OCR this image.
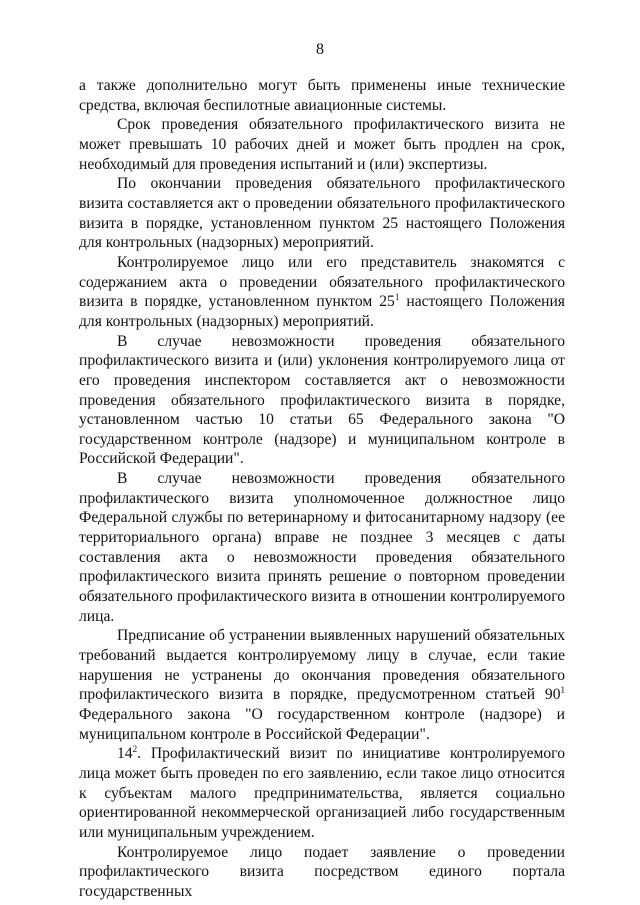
8

а также дополнительно могут быть применены иные технические средства, включая беспилотные авиационные системы.

Срок проведения обязательного профилактического визита не может превышать 10 рабочих дней и может быть продлен на срок, необходимый для проведения испытаний и (или) экспертизы.

По окончании проведения обязательного профилактического визита составляется акт о проведении обязательного профилактического визита в порядке, установленном пунктом 25 настоящего Положения для контрольных (надзорных) мероприятий.

Контролируемое лицо или его представитель знакомятся с содержанием акта о проведении обязательного профилактического визита в порядке, установленном пунктом $25^1$ настоящего Положения для контрольных (надзорных) мероприятий.

В случае невозможности проведения обязательного профилактического визита и (или) уклонения контролируемого лица от его проведения инспектором составляется акт о невозможности проведения обязательного профилактического визита в порядке, установленном частью 10 статьи 65 Федерального закона "О государственном контроле (надзоре) и муниципальном контроле в Российской Федерации".

В случае невозможности проведения обязательного профилактического визита уполномоченное должностное лицо Федеральной службы по ветеринарному и фитосанитарному надзору (ее территориального органа) вправе не позднее 3 месяцев с даты составления акта о невозможности проведения обязательного профилактического визита принять решение о повторном проведении обязательного профилактического визита в отношении контролируемого лица.

Предписание об устранении выявленных нарушений обязательных требований выдается контролируемому лицу в случае, если такие нарушения не устранены до окончания проведения обязательного профилактического визита в порядке, предусмотренном статьей $90^1$ Федерального закона "О государственном контроле (надзоре) и муниципальном контроле в Российской Федерации".

$14^2$. Профилактический визит по инициативе контролируемого лица может быть проведен по его заявлению, если такое лицо относится к субъектам малого предпринимательства, является социально ориентированной некоммерческой организацией либо государственным или муниципальным учреждением.

Контролируемое лицо подает заявление о проведении профилактического визита посредством единого портала государственных
